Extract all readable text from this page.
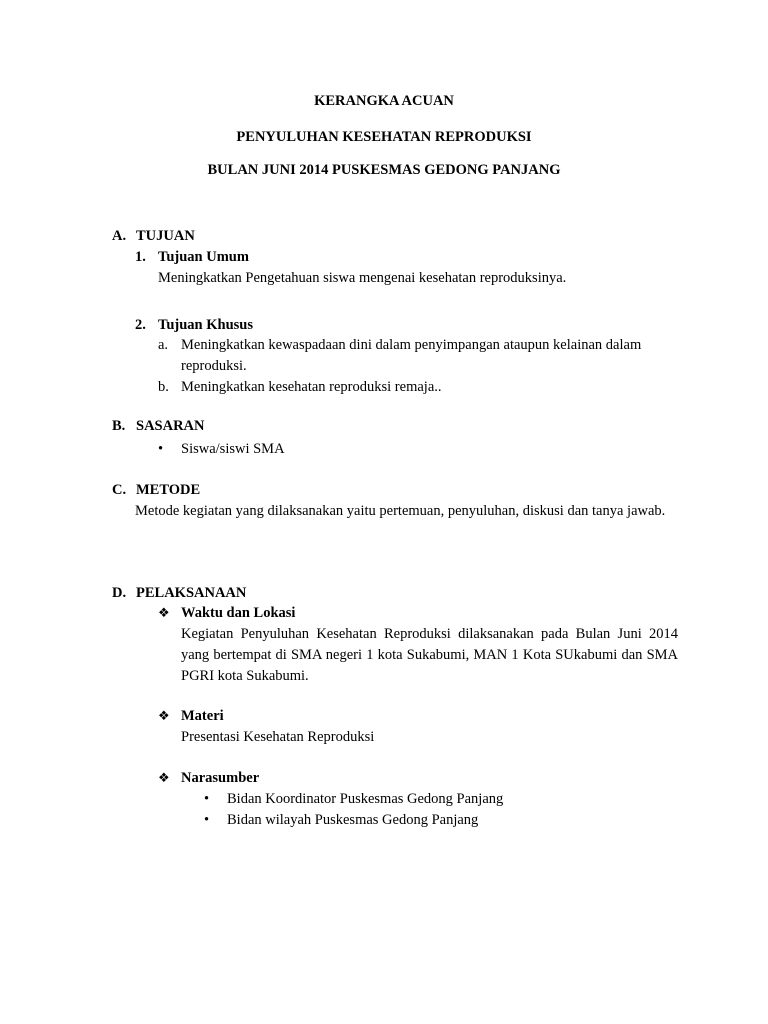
KERANGKA ACUAN
PENYULUHAN KESEHATAN REPRODUKSI
BULAN JUNI 2014 PUSKESMAS GEDONG PANJANG
A. TUJUAN
1. Tujuan Umum
Meningkatkan Pengetahuan siswa mengenai kesehatan reproduksinya.
2. Tujuan Khusus
a. Meningkatkan kewaspadaan dini dalam penyimpangan ataupun kelainan dalam reproduksi.
b. Meningkatkan kesehatan reproduksi remaja..
B. SASARAN
• Siswa/siswi SMA
C. METODE
Metode kegiatan yang dilaksanakan yaitu pertemuan, penyuluhan, diskusi dan tanya jawab.
D. PELAKSANAAN
❖ Waktu dan Lokasi
Kegiatan Penyuluhan Kesehatan Reproduksi dilaksanakan pada Bulan Juni 2014 yang bertempat di SMA negeri 1 kota Sukabumi, MAN 1 Kota SUkabumi dan SMA PGRI kota Sukabumi.
❖ Materi
Presentasi Kesehatan Reproduksi
❖ Narasumber
• Bidan Koordinator Puskesmas Gedong Panjang
• Bidan wilayah Puskesmas Gedong Panjang
